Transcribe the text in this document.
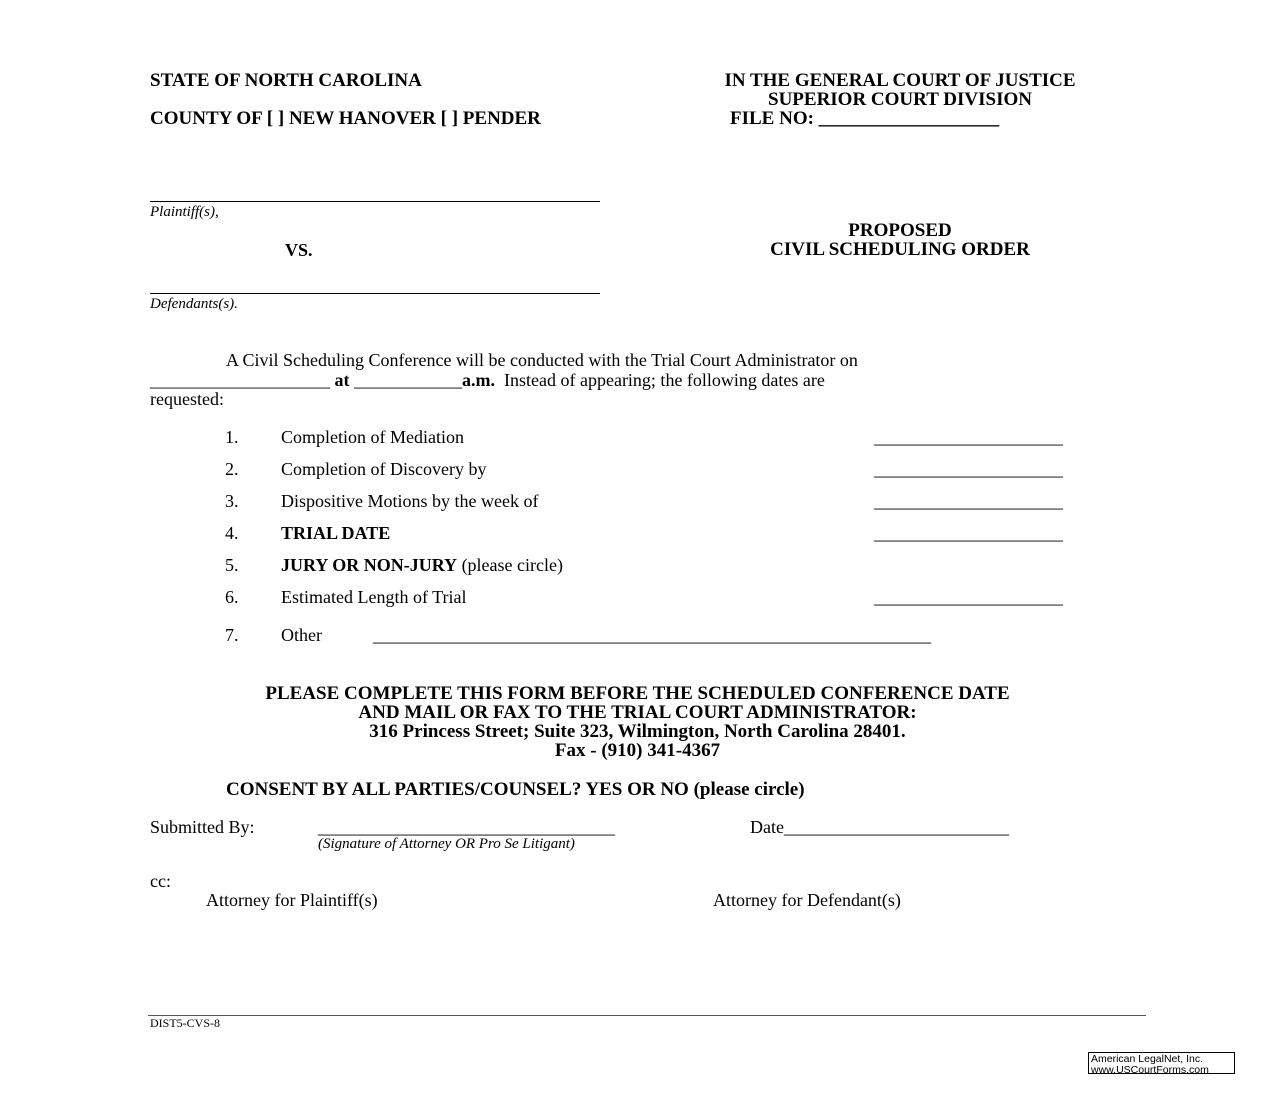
STATE OF NORTH CAROLINA	IN THE GENERAL COURT OF JUSTICE
SUPERIOR COURT DIVISION
COUNTY OF [ ] NEW HANOVER [ ] PENDER	FILE NO: ___________________
Plaintiff(s),
VS.
Defendants(s).
PROPOSED
CIVIL SCHEDULING ORDER
A Civil Scheduling Conference will be conducted with the Trial Court Administrator on
____________________ at ____________a.m. Instead of appearing; the following dates are
requested:
1. Completion of Mediation	_____________________
2. Completion of Discovery by	_____________________
3. Dispositive Motions by the week of	_____________________
4. TRIAL DATE	_____________________
5. JURY OR NON-JURY (please circle)
6. Estimated Length of Trial	_____________________
7. Other	______________________________________________________________
PLEASE COMPLETE THIS FORM BEFORE THE SCHEDULED CONFERENCE DATE
AND MAIL OR FAX TO THE TRIAL COURT ADMINISTRATOR:
316 Princess Street; Suite 323, Wilmington, North Carolina 28401.
Fax - (910) 341-4367
CONSENT BY ALL PARTIES/COUNSEL? YES OR NO (please circle)
Submitted By:	_________________________________
(Signature of Attorney OR Pro Se Litigant)
Date_________________________
cc:
Attorney for Plaintiff(s)	Attorney for Defendant(s)
DIST5-CVS-8
American LegalNet, Inc.
www.USCourtForms.com
